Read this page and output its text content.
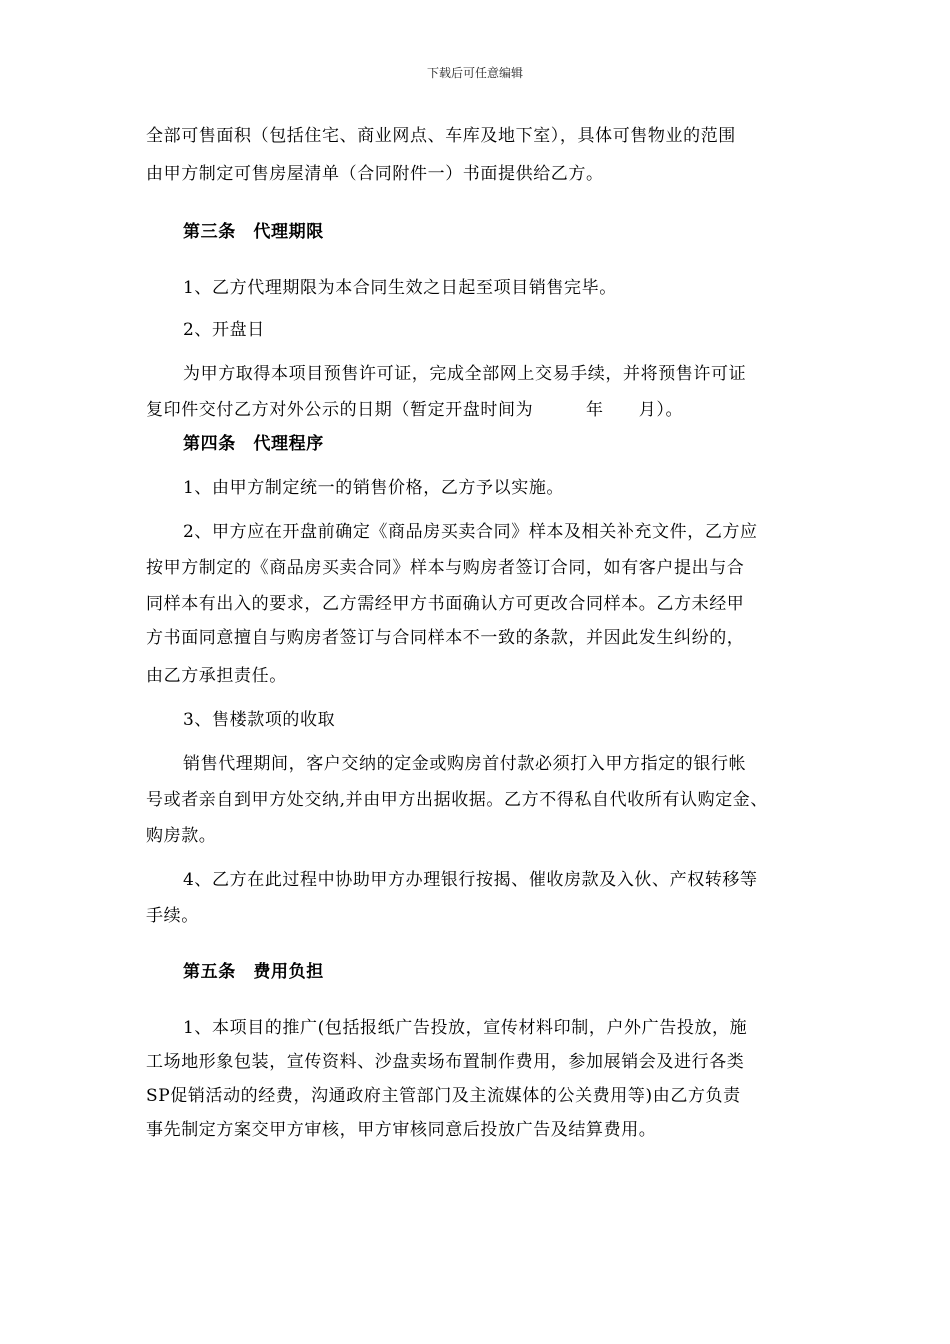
下载后可任意编辑

全部可售面积（包括住宅、商业网点、车库及地下室），具体可售物业的范围

由甲方制定可售房屋清单（合同附件一）书面提供给乙方。

第三条　代理期限

1、乙方代理期限为本合同生效之日起至项目销售完毕。

2、开盘日

为甲方取得本项目预售许可证，完成全部网上交易手续，并将预售许可证

复印件交付乙方对外公示的日期（暂定开盘时间为　　　年　　月）。

第四条　代理程序

1、由甲方制定统一的销售价格，乙方予以实施。

2、甲方应在开盘前确定《商品房买卖合同》样本及相关补充文件，乙方应

按甲方制定的《商品房买卖合同》样本与购房者签订合同，如有客户提出与合

同样本有出入的要求，乙方需经甲方书面确认方可更改合同样本。乙方未经甲

方书面同意擅自与购房者签订与合同样本不一致的条款，并因此发生纠纷的，

由乙方承担责任。

3、售楼款项的收取

销售代理期间，客户交纳的定金或购房首付款必须打入甲方指定的银行帐

号或者亲自到甲方处交纳,并由甲方出据收据。乙方不得私自代收所有认购定金、

购房款。

4、乙方在此过程中协助甲方办理银行按揭、催收房款及入伙、产权转移等

手续。

第五条　费用负担

1、本项目的推广(包括报纸广告投放，宣传材料印制，户外广告投放，施

工场地形象包装，宣传资料、沙盘卖场布置制作费用，参加展销会及进行各类

SP促销活动的经费，沟通政府主管部门及主流媒体的公关费用等)由乙方负责

事先制定方案交甲方审核，甲方审核同意后投放广告及结算费用。
